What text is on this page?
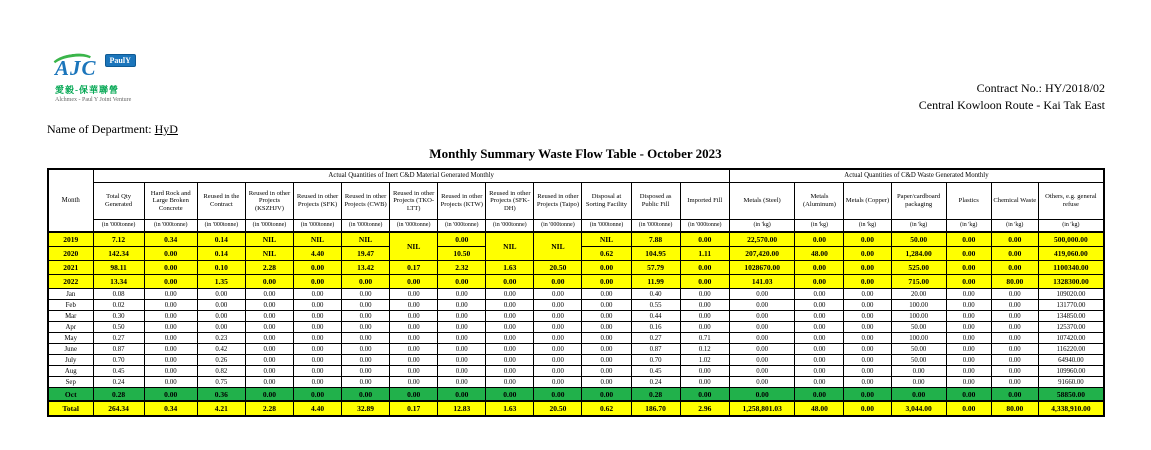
AJC PaulY
愛毅-保華聯營
Alchmex - Paul Y Joint Venture
Contract No.: HY/2018/02
Central Kowloon Route - Kai Tak East
Name of Department: HyD
Monthly Summary Waste Flow Table - October 2023
Month	Actual Quantities of Inert C&D Material Generated Monthly													Actual Quantities of C&D Waste Generated Monthly						
	Total Qty Generated	Hard Rock and Large Broken Concrete	Reused in the Contract	Reused in other Projects (KSZHJV)	Reused in other Projects (SFK)	Reused in other Projects (CWB)	Reused in other Projects (TKO-LTT)	Reused in other Projects (KTW)	Reused in other Projects (SFK-DH)	Reused in other Projects (Taipo)	Disposal at Sorting Facility	Disposed as Public Fill	Imported Fill	Metals (Steel)	Metals (Aluminum)	Metals (Copper)	Paper/cardboard packaging	Plastics	Chemical Waste	Others, e.g. general refuse
	(in '000tonne)	(in '000tonne)	(in '000tonne)	(in '000tonne)	(in '000tonne)	(in '000tonne)	(in '000tonne)	(in '000tonne)	(in '000tonne)	(in '000tonne)	(in '000tonne)	(in '000tonne)	(in '000tonne)	(in 'kg)	(in 'kg)	(in 'kg)	(in 'kg)	(in 'kg)	(in 'kg)	(in 'kg)
2019	7.12	0.34	0.14	NIL	NIL	NIL	NIL	0.00	NIL	NIL	NIL	7.88	0.00	22,570.00	0.00	0.00	50.00	0.00	0.00	500,000.00
2020	142.34	0.00	0.14	NIL	4.40	19.47		10.50			0.62	104.95	1.11	207,420.00	48.00	0.00	1,284.00	0.00	0.00	419,060.00
2021	98.11	0.00	0.10	2.28	0.00	13.42	0.17	2.32	1.63	20.50	0.00	57.79	0.00	1028670.00	0.00	0.00	525.00	0.00	0.00	1100340.00
2022	13.34	0.00	1.35	0.00	0.00	0.00	0.00	0.00	0.00	0.00	0.00	11.99	0.00	141.03	0.00	0.00	715.00	0.00	80.00	1328300.00
Jan	0.08	0.00	0.00	0.00	0.00	0.00	0.00	0.00	0.00	0.00	0.00	0.40	0.00	0.00	0.00	0.00	20.00	0.00	0.00	109020.00
Feb	0.02	0.00	0.00	0.00	0.00	0.00	0.00	0.00	0.00	0.00	0.00	0.55	0.00	0.00	0.00	0.00	100.00	0.00	0.00	131770.00
Mar	0.30	0.00	0.00	0.00	0.00	0.00	0.00	0.00	0.00	0.00	0.00	0.44	0.00	0.00	0.00	0.00	100.00	0.00	0.00	134850.00
Apr	0.50	0.00	0.00	0.00	0.00	0.00	0.00	0.00	0.00	0.00	0.00	0.16	0.00	0.00	0.00	0.00	50.00	0.00	0.00	125370.00
May	0.27	0.00	0.23	0.00	0.00	0.00	0.00	0.00	0.00	0.00	0.00	0.27	0.71	0.00	0.00	0.00	100.00	0.00	0.00	107420.00
June	0.87	0.00	0.42	0.00	0.00	0.00	0.00	0.00	0.00	0.00	0.00	0.87	0.12	0.00	0.00	0.00	50.00	0.00	0.00	116220.00
July	0.70	0.00	0.26	0.00	0.00	0.00	0.00	0.00	0.00	0.00	0.00	0.70	1.02	0.00	0.00	0.00	50.00	0.00	0.00	64940.00
Aug	0.45	0.00	0.82	0.00	0.00	0.00	0.00	0.00	0.00	0.00	0.00	0.45	0.00	0.00	0.00	0.00	0.00	0.00	0.00	109960.00
Sep	0.24	0.00	0.75	0.00	0.00	0.00	0.00	0.00	0.00	0.00	0.00	0.24	0.00	0.00	0.00	0.00	0.00	0.00	0.00	91660.00
Oct	0.28	0.00	0.36	0.00	0.00	0.00	0.00	0.00	0.00	0.00	0.00	0.28	0.00	0.00	0.00	0.00	0.00	0.00	0.00	58850.00
Total	264.34	0.34	4.21	2.28	4.40	32.89	0.17	12.83	1.63	20.50	0.62	186.70	2.96	1,258,801.03	48.00	0.00	3,044.00	0.00	80.00	4,338,910.00
